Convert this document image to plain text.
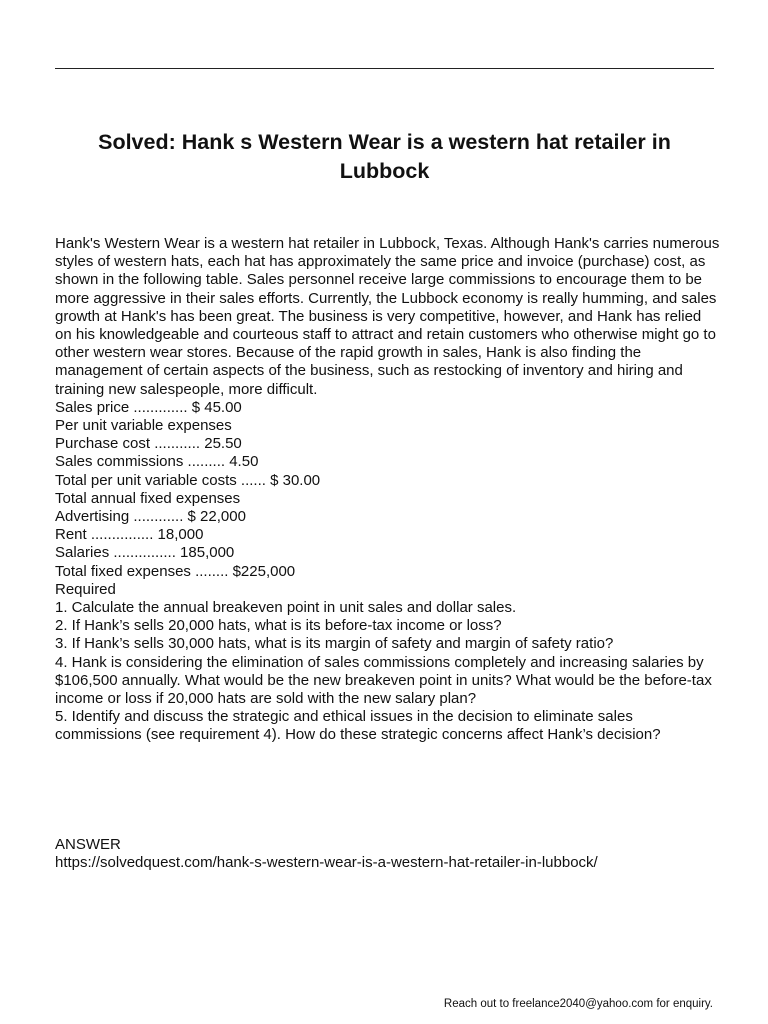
Solved: Hank s Western Wear is a western hat retailer in Lubbock

Hank's Western Wear is a western hat retailer in Lubbock, Texas. Although Hank's carries numerous styles of western hats, each hat has approximately the same price and invoice (purchase) cost, as shown in the following table. Sales personnel receive large commissions to encourage them to be more aggressive in their sales efforts. Currently, the Lubbock economy is really humming, and sales growth at Hank's has been great. The business is very competitive, however, and Hank has relied on his knowledgeable and courteous staff to attract and retain customers who otherwise might go to other western wear stores. Because of the rapid growth in sales, Hank is also finding the management of certain aspects of the business, such as restocking of inventory and hiring and training new salespeople, more difficult.

Sales price ............. $ 45.00
Per unit variable expenses
Purchase cost ........... 25.50
Sales commissions ......... 4.50
Total per unit variable costs ...... $ 30.00
Total annual fixed expenses
Advertising ............ $ 22,000
Rent ............... 18,000
Salaries ............... 185,000
Total fixed expenses ........ $225,000
Required
1. Calculate the annual breakeven point in unit sales and dollar sales.
2. If Hank’s sells 20,000 hats, what is its before-tax income or loss?
3. If Hank’s sells 30,000 hats, what is its margin of safety and margin of safety ratio?
4. Hank is considering the elimination of sales commissions completely and increasing salaries by $106,500 annually. What would be the new breakeven point in units? What would be the before-tax income or loss if 20,000 hats are sold with the new salary plan?
5. Identify and discuss the strategic and ethical issues in the decision to eliminate sales commissions (see requirement 4). How do these strategic concerns affect Hank’s decision?
ANSWER
https://solvedquest.com/hank-s-western-wear-is-a-western-hat-retailer-in-lubbock/
Reach out to freelance2040@yahoo.com for enquiry.
